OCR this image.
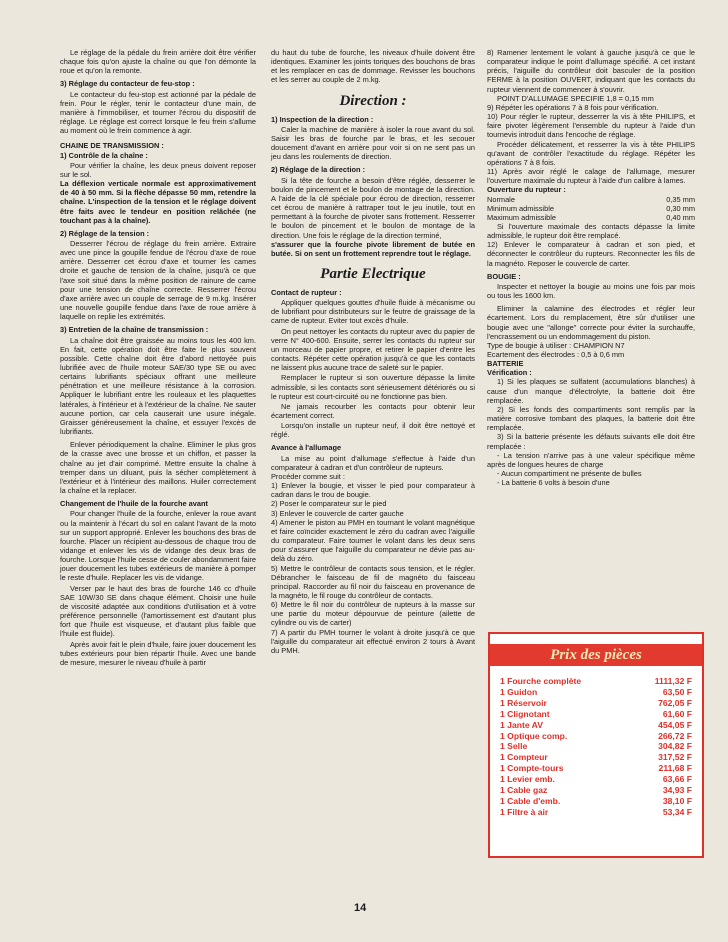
Le réglage de la pédale du frein arrière doit être vérifier chaque fois qu'on ajuste la chaîne ou que l'on démonte la roue et qu'on la remonte.

3) Réglage du contacteur de feu-stop :

Le contacteur du feu-stop est actionné par la pédale de frein. Pour le régler, tenir le contacteur d'une main, de manière à l'immobiliser, et tourner l'écrou du dispositif de réglage. Le réglage est correct lorsque le feu frein s'allume au moment où le frein commence à agir.

CHAINE DE TRANSMISSION :

1) Contrôle de la chaîne :

Pour vérifier la chaîne, les deux pneus doivent reposer sur le sol.

La déflexion verticale normale est approximativement de 40 à 50 mm. Si la flèche dépasse 50 mm, retendre la chaîne. L'inspection de la tension et le réglage doivent être faits avec le tendeur en position relâchée (ne touchant pas à la chaîne).

2) Réglage de la tension :

Desserrer l'écrou de réglage du frein arrière. Extraire avec une pince la goupille fendue de l'écrou d'axe de roue arrière. Desserrer cet écrou d'axe et tourner les cames droite et gauche de tension de la chaîne, jusqu'à ce que l'axe soit situé dans la même position de rainure de came pour une tension de chaîne correcte. Resserrer l'écrou d'axe arrière avec un couple de serrage de 9 m.kg. Insérer une nouvelle goupille fendue dans l'axe de roue arrière à laquelle on replie les extrémités.

3) Entretien de la chaîne de transmission :

La chaîne doit être graissée au moins tous les 400 km. En fait, cette opération doit être faite le plus souvent possible. Cette chaîne doit être d'abord nettoyée puis lubrifiée avec de l'huile moteur SAE/30 type SE ou avec certains lubrifiants spéciaux offrant une meilleure pénétration et une meilleure résistance à la corrosion. Appliquer le lubrifiant entre les rouleaux et les plaquettes latérales, à l'intérieur et à l'extérieur de la chaîne. Ne sauter aucune portion, car cela causerait une usure inégale. Graisser généreusement la chaîne, et essuyer l'excès de lubrifiants.

Enlever périodiquement la chaîne. Eliminer le plus gros de la crasse avec une brosse et un chiffon, et passer la chaîne au jet d'air comprimé. Mettre ensuite la chaîne à tremper dans un diluant, puis la sécher complètement à l'extérieur et à l'intérieur des maillons. Huiler correctement la chaîne et la replacer.

Changement de l'huile de la fourche avant

Pour changer l'huile de la fourche, enlever la roue avant ou la maintenir à l'écart du sol en calant l'avant de la moto sur un support approprié. Enlever les bouchons des bras de fourche. Placer un récipient au-dessous de chaque trou de vidange et enlever les vis de vidange des deux bras de fourche. Lorsque l'huile cesse de couler abondamment faire jouer doucement les tubes extérieurs de manière à pomper le reste d'huile. Replacer les vis de vidange.

Verser par le haut des bras de fourche 146 cc d'huile SAE 10W/30 SE dans chaque élément. Choisir une huile de viscosité adaptée aux conditions d'utilisation et à votre préférence personnelle (l'amortissement est d'autant plus fort que l'huile est visqueuse, et d'autant plus faible que l'huile est fluide).

Après avoir fait le plein d'huile, faire jouer doucement les tubes extérieurs pour bien répartir l'huile. Avec une bande de mesure, mesurer le niveau d'huile à partir

du haut du tube de fourche, les niveaux d'huile doivent être identiques. Examiner les joints toriques des bouchons de bras et les remplacer en cas de dommage. Revisser les bouchons et les serrer au couple de 2 m.kg.

Direction :

1) Inspection de la direction :

Caler la machine de manière à isoler la roue avant du sol. Saisir les bras de fourche par le bras, et les secouer doucement d'avant en arrière pour voir si on ne sent pas un jeu dans les roulements de direction.

2) Réglage de la direction :

Si la tête de fourche a besoin d'être réglée, desserrer le boulon de pincement et le boulon de montage de la direction. A l'aide de la clé spéciale pour écrou de direction, resserrer cet écrou de manière à rattraper tout le jeu inutile, tout en permettant à la fourche de pivoter sans frottement. Resserrer le boulon de pincement et le boulon de montage de la direction. Une fois le réglage de la direction terminé,

s'assurer que la fourche pivote librement de butée en butée. Si on sent un frottement reprendre tout le réglage.

Partie Electrique

Contact de rupteur :

Appliquer quelques gouttes d'huile fluide à mécanisme ou de lubrifiant pour distributeurs sur le feutre de graissage de la came de rupteur. Eviter tout excès d'huile.

On peut nettoyer les contacts du rupteur avec du papier de verre N° 400-600. Ensuite, serrer les contacts du rupteur sur un morceau de papier propre, et retirer le papier d'entre les contacts. Répéter cette opération jusqu'à ce que les contacts ne laissent plus aucune trace de saleté sur le papier.

Remplacer le rupteur si son ouverture dépasse la limite admissible, si les contacts sont sérieusement détériorés ou si le rupteur est court-circuité ou ne fonctionne pas bien.

Ne jamais recourber les contacts pour obtenir leur écartement correct.

Lorsqu'on installe un rupteur neuf, il doit être nettoyé et réglé.

Avance à l'allumage

La mise au point d'allumage s'effectue à l'aide d'un comparateur à cadran et d'un contrôleur de rupteurs.

Procéder comme suit :

1) Enlever la bougie, et visser le pied pour comparateur à cadran dans le trou de bougie.

2) Poser le comparateur sur le pied

3) Enlever le couvercle de carter gauche

4) Amener le piston au PMH en tournant le volant magnétique et faire coïncider exactement le zéro du cadran avec l'aiguille du comparateur. Faire tourner le volant dans les deux sens pour s'assurer que l'aiguille du comparateur ne dévie pas au-delà du zéro.

5) Mettre le contrôleur de contacts sous tension, et le régler. Débrancher le faisceau de fil de magnéto du faisceau principal. Raccorder au fil noir du faisceau en provenance de la magnéto, le fil rouge du contrôleur de contacts.

6) Mettre le fil noir du contrôleur de rupteurs à la masse sur une partie du moteur dépourvue de peinture (ailette de cylindre ou vis de carter)

7) A partir du PMH tourner le volant à droite jusqu'à ce que l'aiguille du comparateur ait effectué environ 2 tours à Avant du PMH.

8) Ramener lentement le volant à gauche jusqu'à ce que le comparateur indique le point d'allumage spécifié. A cet instant précis, l'aiguille du contrôleur doit basculer de la position FERME à la position OUVERT, indiquant que les contacts du rupteur viennent de commencer à s'ouvrir.

POINT D'ALLUMAGE SPECIFIE 1,8 = 0,15 mm

9) Répéter les opérations 7 à 8 fois pour vérification.

10) Pour régler le rupteur, desserrer la vis à tête PHILIPS, et faire pivoter légèrement l'ensemble du rupteur à l'aide d'un tournevis introduit dans l'encoche de réglage.

Procéder délicatement, et resserrer la vis à tête PHILIPS qu'avant de contrôler l'exactitude du réglage. Répéter les opérations 7 à 8 fois.

11) Après avoir réglé le calage de l'allumage, mesurer l'ouverture maximale du rupteur à l'aide d'un calibre à lames.

Ouverture du rupteur :

Normale	0,35 mm
Minimum admissible	0,30 mm
Maximum admissible	0,40 mm

Si l'ouverture maximale des contacts dépasse la limite admissible, le rupteur doit être remplacé.

12) Enlever le comparateur à cadran et son pied, et déconnecter le contrôleur du rupteurs. Reconnecter les fils de la magnéto. Reposer le couvercle de carter.

BOUGIE :

Inspecter et nettoyer la bougie au moins une fois par mois ou tous les 1600 km.

Eliminer la calamine des électrodes et régler leur écartement. Lors du remplacement, être sûr d'utiliser une bougie avec une "allonge" correcte pour éviter la surchauffe, l'encrassement ou un endommagement du piston.

Type de bougie à utiliser : CHAMPION N7

Ecartement des électrodes : 0,5 à 0,6 mm

BATTERIE

Vérification :

1) Si les plaques se sulfatent (accumulations blanches) à cause d'un manque d'électrolyte, la batterie doit être remplacée.

2) Si les fonds des compartiments sont remplis par la matière corrosive tombant des plaques, la batterie doit être remplacée.

3) Si la batterie présente les défauts suivants elle doit être remplacée :

- La tension n'arrive pas à une valeur spécifique même après de longues heures de charge

- Aucun compartiment ne présente de bulles

- La batterie 6 volts à besoin d'une

Prix des pièces
1 Fourche complète	1111,32 F
1 Guidon	63,50 F
1 Réservoir	762,05 F
1 Clignotant	61,60 F
1 Jante AV	454,05 F
1 Optique comp.	266,72 F
1 Selle	304,82 F
1 Compteur	317,52 F
1 Compte-tours	211,68 F
1 Levier emb.	63,66 F
1 Cable gaz	34,93 F
1 Cable d'emb.	38,10 F
1 Filtre à air	53,34 F
14
